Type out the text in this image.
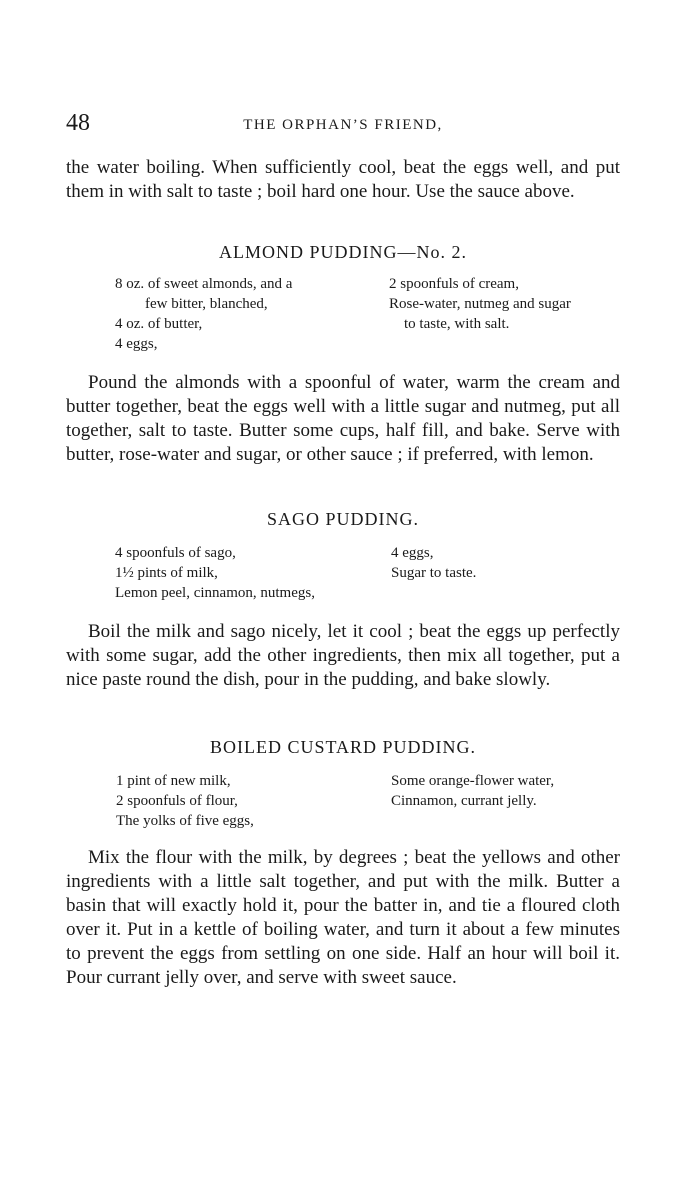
48	THE ORPHAN’S FRIEND,

the water boiling. When sufficiently cool, beat the eggs well, and put them in with salt to taste ; boil hard one hour. Use the sauce above.

ALMOND PUDDING—No. 2.
8 oz. of sweet almonds, and a
few bitter, blanched,
4 oz. of butter,
4 eggs,
2 spoonfuls of cream,
Rose-water, nutmeg and sugar
to taste, with salt.

Pound the almonds with a spoonful of water, warm the cream and butter together, beat the eggs well with a little sugar and nutmeg, put all together, salt to taste. Butter some cups, half fill, and bake. Serve with butter, rose-water and sugar, or other sauce ; if preferred, with lemon.

SAGO PUDDING.
4 spoonfuls of sago,
1½ pints of milk,
Lemon peel, cinnamon, nutmegs,
4 eggs,
Sugar to taste.

Boil the milk and sago nicely, let it cool ; beat the eggs up perfectly with some sugar, add the other ingredients, then mix all together, put a nice paste round the dish, pour in the pudding, and bake slowly.

BOILED CUSTARD PUDDING.
1 pint of new milk,
2 spoonfuls of flour,
The yolks of five eggs,
Some orange-flower water,
Cinnamon, currant jelly.

Mix the flour with the milk, by degrees ; beat the yellows and other ingredients with a little salt together, and put with the milk. Butter a basin that will exactly hold it, pour the batter in, and tie a floured cloth over it. Put in a kettle of boiling water, and turn it about a few minutes to prevent the eggs from settling on one side. Half an hour will boil it. Pour currant jelly over, and serve with sweet sauce.
